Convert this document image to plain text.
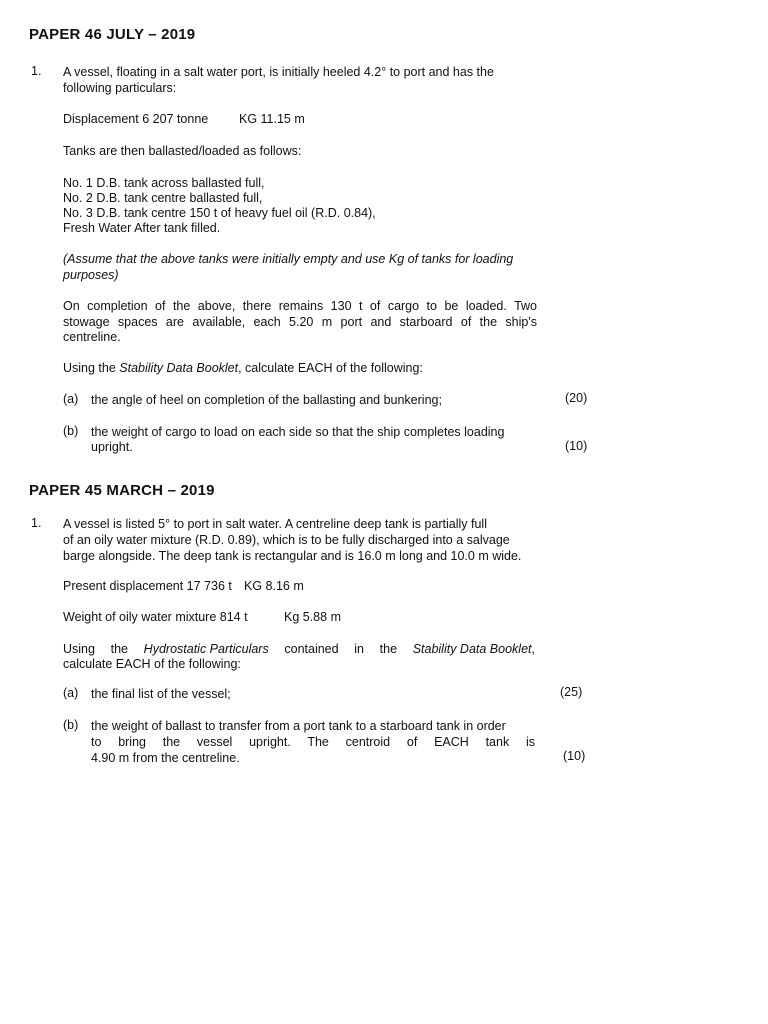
PAPER 46 JULY – 2019
1. A vessel, floating in a salt water port, is initially heeled 4.2° to port and has the
following particulars:
Displacement 6 207 tonne KG 11.15 m
Tanks are then ballasted/loaded as follows:
No. 1 D.B. tank across ballasted full,
No. 2 D.B. tank centre ballasted full,
No. 3 D.B. tank centre 150 t of heavy fuel oil (R.D. 0.84),
Fresh Water After tank filled.
(Assume that the above tanks were initially empty and use Kg of tanks for loading
purposes)
On completion of the above, there remains 130 t of cargo to be loaded. Two
stowage spaces are available, each 5.20 m port and starboard of the ship's
centreline.
Using the Stability Data Booklet, calculate EACH of the following:
(a) the angle of heel on completion of the ballasting and bunkering;	(20)
(b) the weight of cargo to load on each side so that the ship completes loading
upright.	(10)
PAPER 45 MARCH – 2019
1. A vessel is listed 5° to port in salt water. A centreline deep tank is partially full
of an oily water mixture (R.D. 0.89), which is to be fully discharged into a salvage
barge alongside. The deep tank is rectangular and is 16.0 m long and 10.0 m wide.
Present displacement 17 736 t KG 8.16 m
Weight of oily water mixture 814 t	Kg 5.88 m
Using the Hydrostatic Particulars contained in the Stability Data Booklet,
calculate EACH of the following:
(a) the final list of the vessel;	(25)
(b) the weight of ballast to transfer from a port tank to a starboard tank in order
to bring the vessel upright. The centroid of EACH tank is
4.90 m from the centreline.	(10)
